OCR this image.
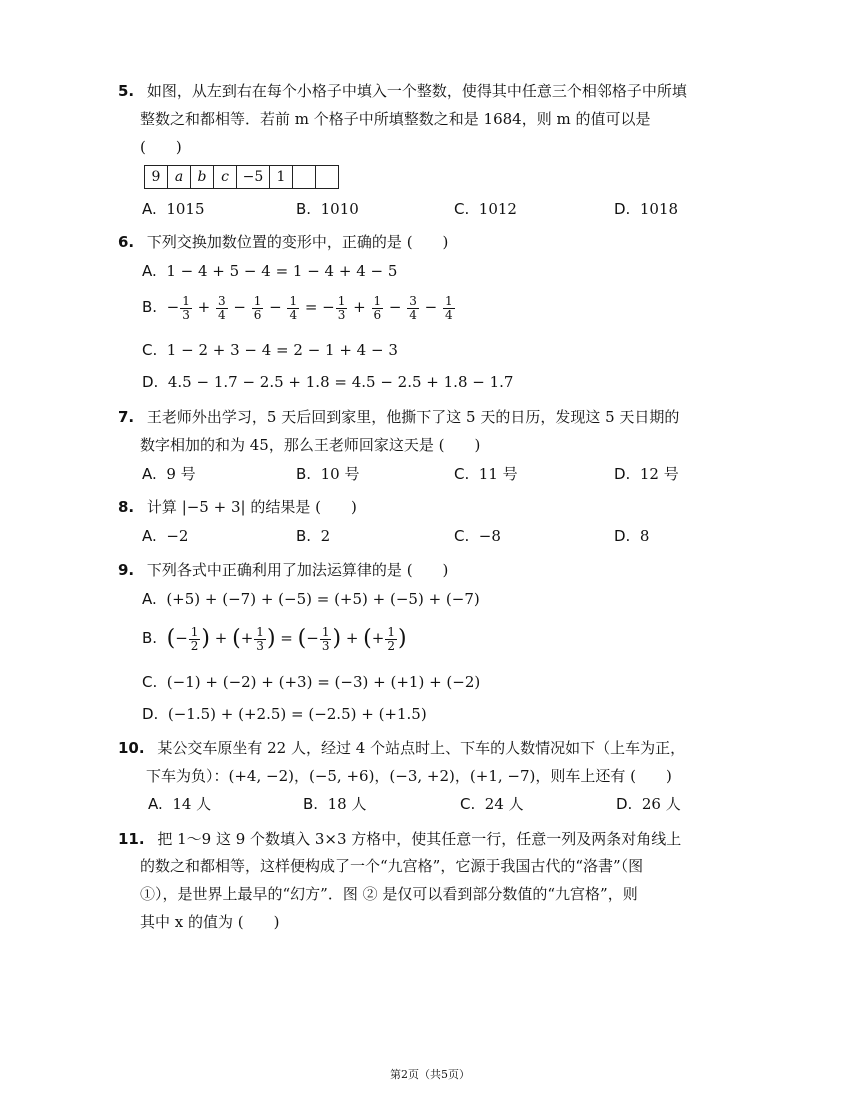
5. 如图，从左到右在每个小格子中填入一个整数，使得其中任意三个相邻格子中所填
整数之和都相等．若前 m 个格子中所填整数之和是 1684，则 m 的值可以是
(　　)
9	a	b	c −5 1
A. 1015	B. 1010	C. 1012	D. 1018
6. 下列交换加数位置的变形中，正确的是 (　　)
A. 1 − 4 + 5 − 4 = 1 − 4 + 4 − 5
B. − $\frac{1}{3} + \frac{3}{4} - \frac{1}{6} - \frac{1}{4}$ = − $\frac{1}{3} + \frac{1}{6} - \frac{3}{4} - \frac{1}{4}$
C. 1 − 2 + 3 − 4 = 2 − 1 + 4 − 3
D. 4.5 − 1.7 − 2.5 + 1.8 = 4.5 − 2.5 + 1.8 − 1.7
7. 王老师外出学习，5 天后回到家里，他撕下了这 5 天的日历，发现这 5 天日期的
数字相加的和为 45，那么王老师回家这天是 (　　)
A. 9 号	B. 10 号	C. 11 号	D. 12 号
8. 计算 |−5 + 3| 的结果是 (　　)
A. −2	B. 2	C. −8	D. 8
9. 下列各式中正确利用了加法运算律的是 (　　)
A. (+5) + (−7) + (−5) = (+5) + (−5) + (−7)
B. (− $\frac{1}{2}$ ) + (+ $\frac{1}{3}$ ) = (− $\frac{1}{3}$ ) + (+ $\frac{1}{2}$ )
C. (−1) + (−2) + (+3) = (−3) + (+1) + (−2)
D. (−1.5) + (+2.5) = (−2.5) + (+1.5)
10. 某公交车原坐有 22 人，经过 4 个站点时上、下车的人数情况如下（上车为正，
下车为负）：(+4, −2)，(−5, +6)，(−3, +2)，(+1, −7)，则车上还有 (　　)
A. 14 人	B. 18 人	C. 24 人	D. 26 人
11. 把 1～9 这 9 个数填入 3×3 方格中，使其任意一行，任意一列及两条对角线上
的数之和都相等，这样便构成了一个“九宫格”，它源于我国古代的“洛書”（图
①），是世界上最早的“幻方”．图 ② 是仅可以看到部分数值的“九宫格”，则
其中 x 的值为 (　　)
第2页（共5页）
